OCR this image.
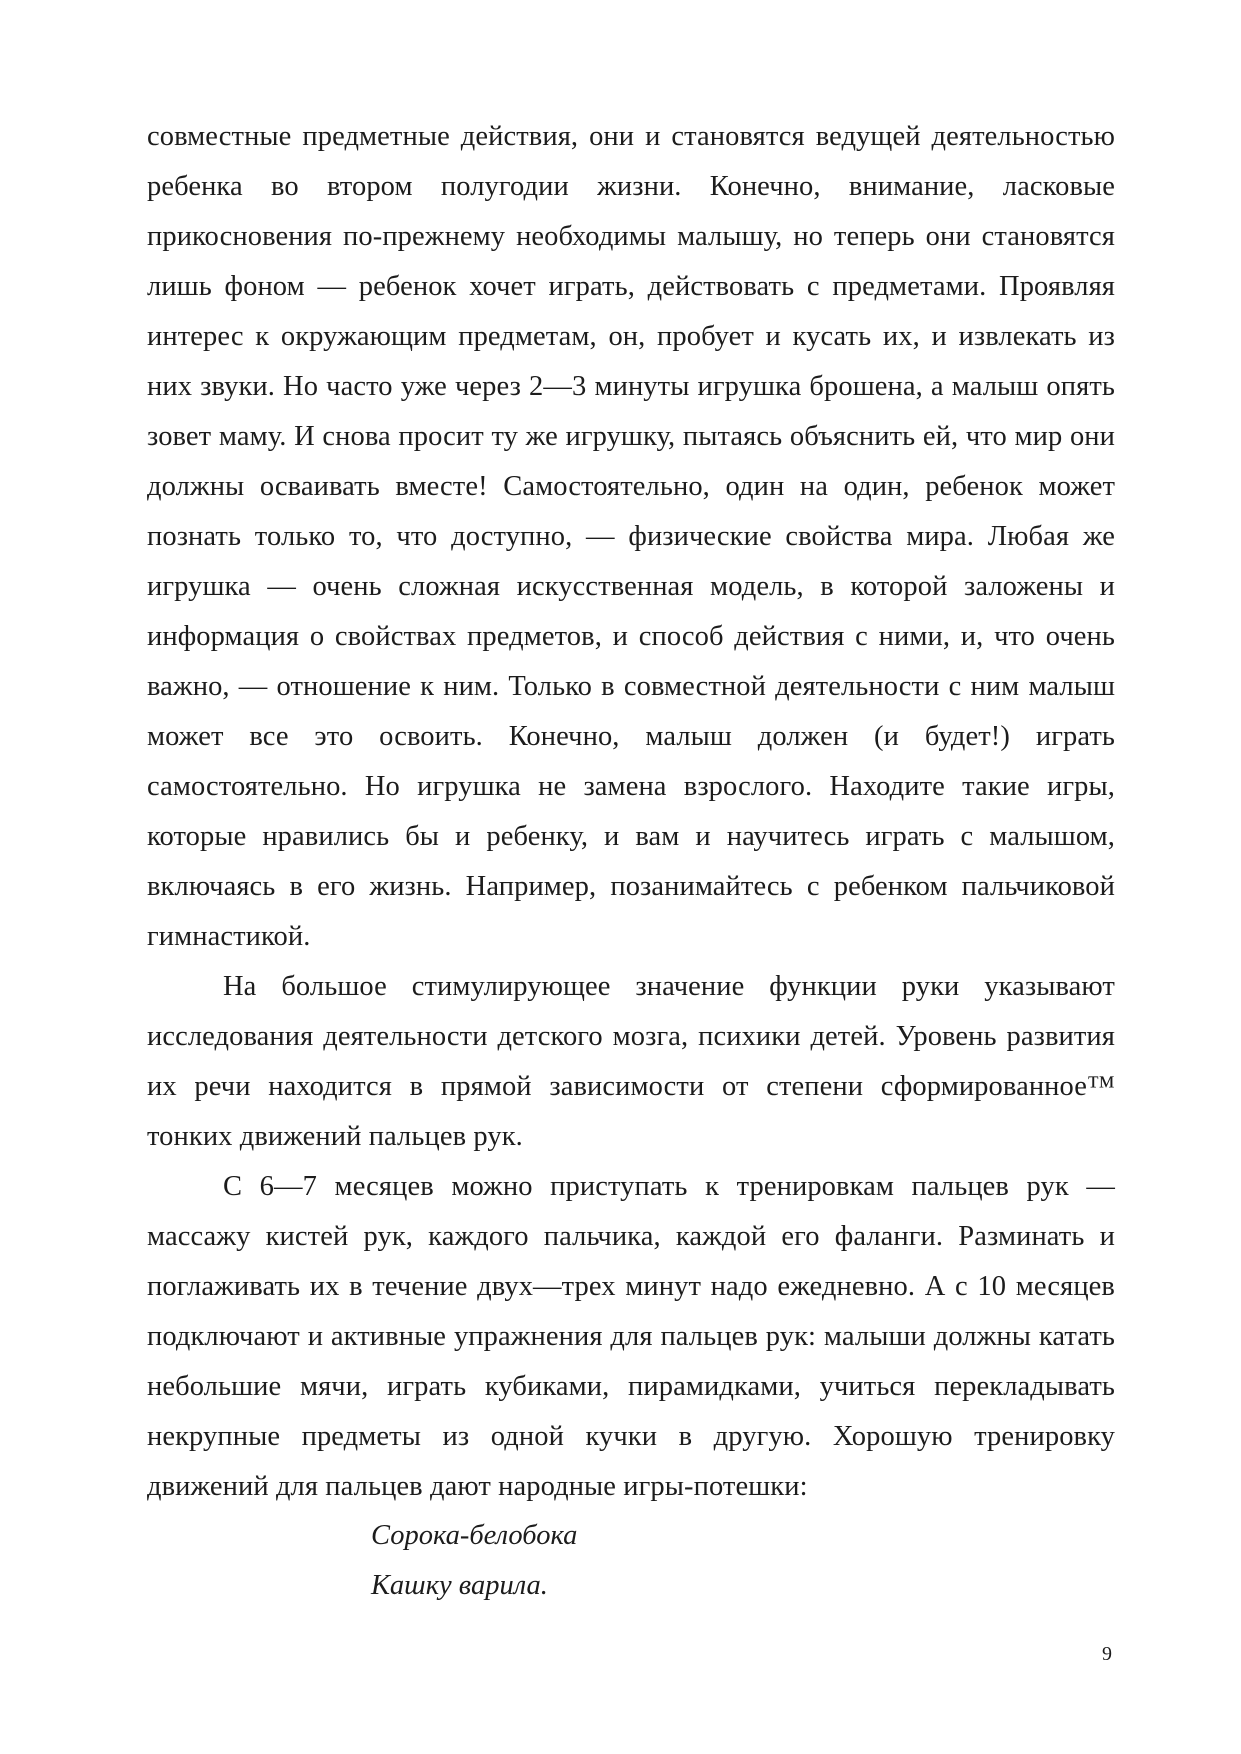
совместные предметные действия, они и становятся ведущей деятельностью ребенка во втором полугодии жизни. Конечно, внимание, ласковые прикосновения по-прежнему необходимы малышу, но теперь они становятся лишь фоном — ребенок хочет играть, действовать с предметами. Проявляя интерес к окружающим предметам, он, пробует и кусать их, и извлекать из них звуки. Но часто уже через 2—3 минуты игрушка брошена, а малыш опять зовет маму. И снова просит ту же игрушку, пытаясь объяснить ей, что мир они должны осваивать вместе! Самостоятельно, один на один, ребенок может познать только то, что доступно, — физические свойства мира. Любая же игрушка — очень сложная искусственная модель, в которой заложены и информация о свойствах предметов, и способ действия с ними, и, что очень важно, — отношение к ним. Только в совместной деятельности с ним малыш может все это освоить. Конечно, малыш должен (и будет!) играть самостоятельно. Но игрушка не замена взрослого. Находите такие игры, которые нравились бы и ребенку, и вам и научитесь играть с малышом, включаясь в его жизнь. Например, позанимайтесь с ребенком пальчиковой гимнастикой.

На большое стимулирующее значение функции руки указывают исследования деятельности детского мозга, психики детей. Уровень развития их речи находится в прямой зависимости от степени сформированное™ тонких движений пальцев рук.

С 6—7 месяцев можно приступать к тренировкам пальцев рук — массажу кистей рук, каждого пальчика, каждой его фаланги. Разминать и поглаживать их в течение двух—трех минут надо ежедневно. А с 10 месяцев подключают и активные упражнения для пальцев рук: малыши должны катать небольшие мячи, играть кубиками, пирамидками, учиться перекладывать некрупные предметы из одной кучки в другую. Хорошую тренировку движений для пальцев дают народные игры-потешки:

Сорока-белобока
Кашку варила.
9
